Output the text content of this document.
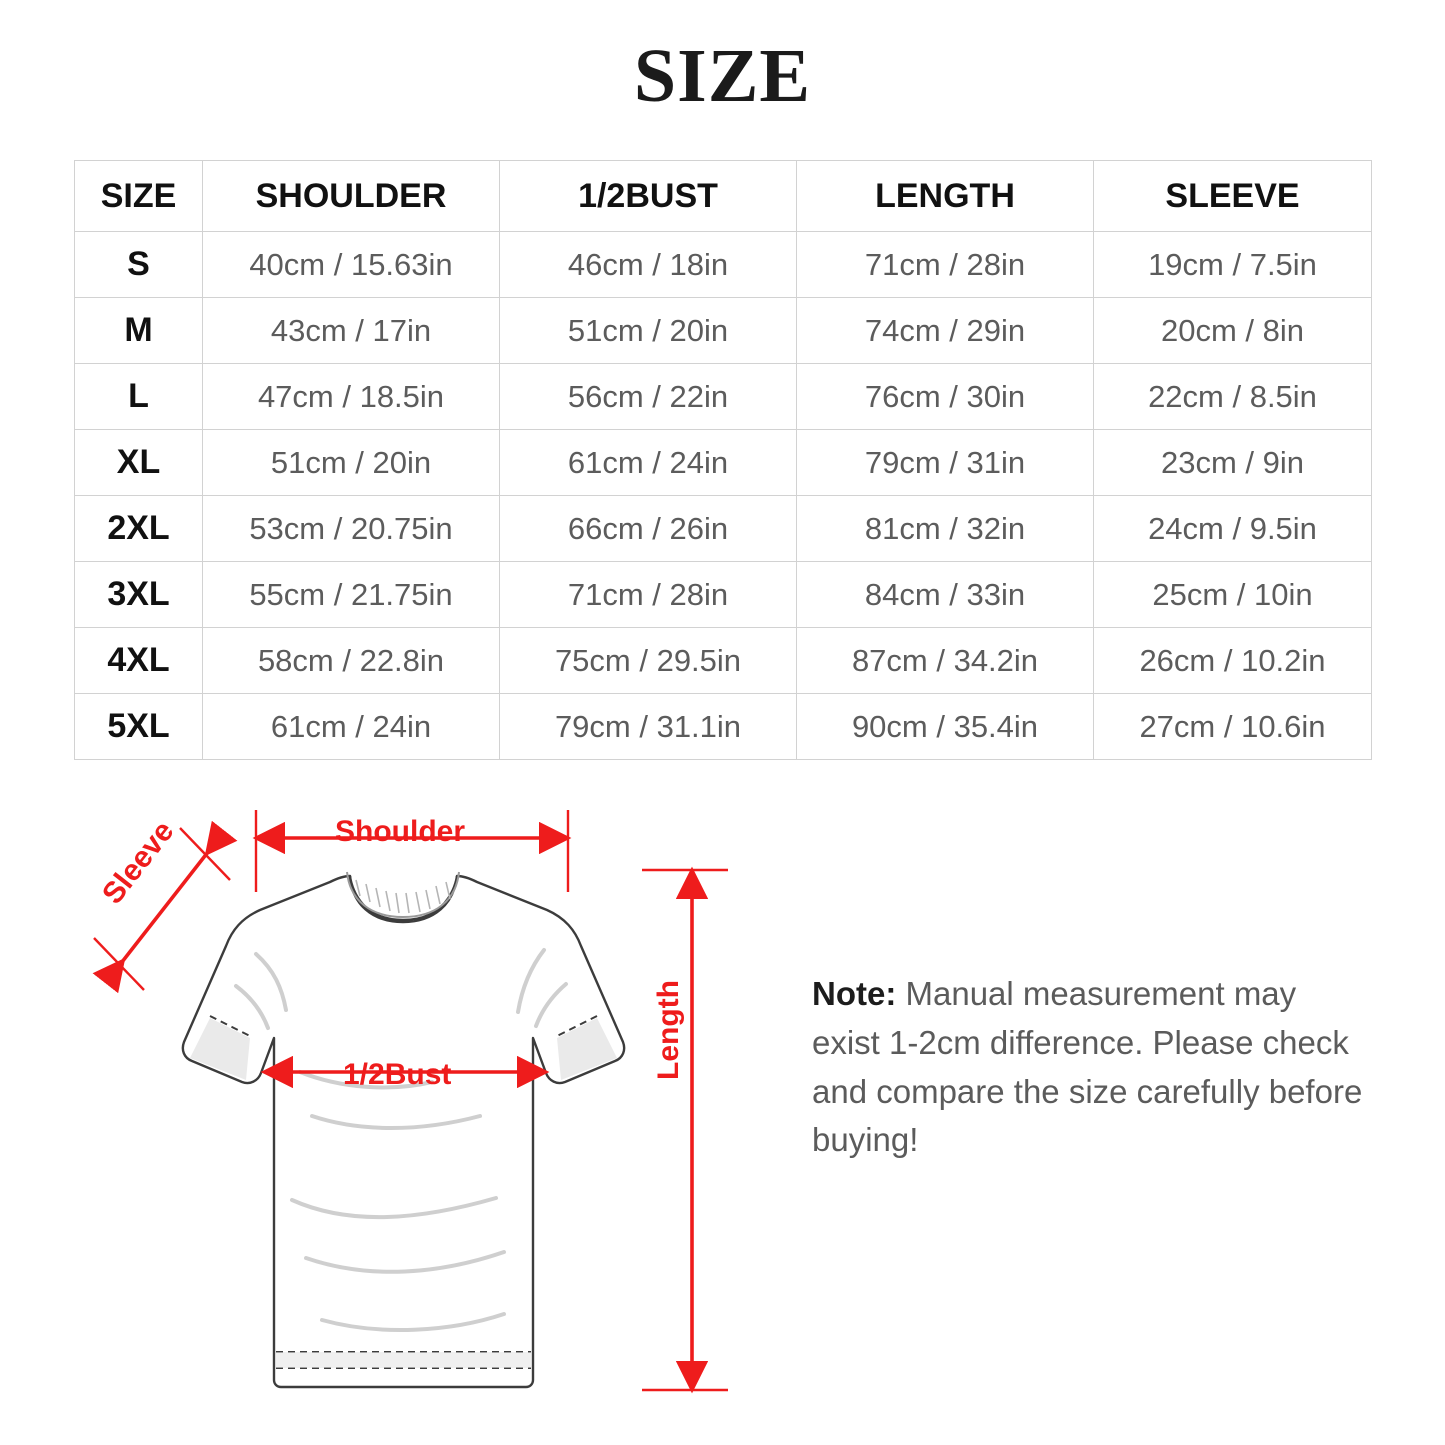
SIZE
SIZE	SHOULDER	1/2BUST	LENGTH	SLEEVE
S	40cm / 15.63in	46cm / 18in	71cm / 28in	19cm / 7.5in
M	43cm / 17in	51cm / 20in	74cm / 29in	20cm / 8in
L	47cm / 18.5in	56cm / 22in	76cm / 30in	22cm / 8.5in
XL	51cm / 20in	61cm / 24in	79cm / 31in	23cm / 9in
2XL	53cm / 20.75in	66cm / 26in	81cm / 32in	24cm / 9.5in
3XL	55cm / 21.75in	71cm / 28in	84cm / 33in	25cm / 10in
4XL	58cm / 22.8in	75cm / 29.5in	87cm / 34.2in	26cm / 10.2in
5XL	61cm / 24in	79cm / 31.1in	90cm / 35.4in	27cm / 10.6in
Shoulder
Sleeve
1/2Bust	Length	Note: Manual measurement may exist 1-2cm difference. Please check and compare the size carefully before buying!
